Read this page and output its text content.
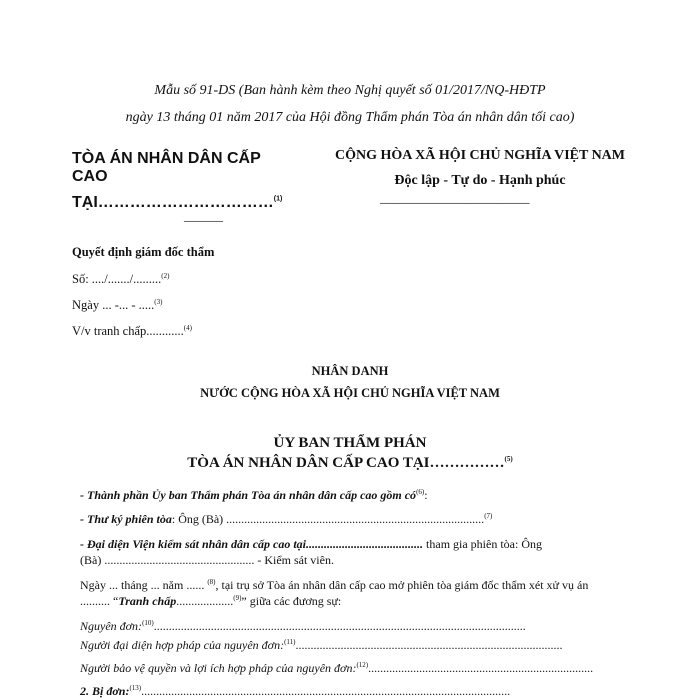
Mẫu số 91-DS (Ban hành kèm theo Nghị quyết số 01/2017/NQ-HĐTP
ngày 13 tháng 01 năm 2017 của Hội đồng Thẩm phán Tòa án nhân dân tối cao)
TÒA ÁN NHÂN DÂN CẤP
CAO
TẠI……………………………$^{(1)}$
______
CỘNG HÒA XÃ HỘI CHỦ NGHĨA VIỆT NAM
Độc lập - Tự do - Hạnh phúc
_______________________
Quyết định giám đốc thẩm
Số: ..../......./.........$^{(2)}$
Ngày ... -... - .....$^{(3)}$
V/v tranh chấp............$^{(4)}$
NHÂN DANH
NƯỚC CỘNG HÒA XÃ HỘI CHỦ NGHĨA VIỆT NAM
ỦY BAN THẨM PHÁN
TÒA ÁN NHÂN DÂN CẤP CAO TẠI……………$^{(5)}$
- Thành phần Ủy ban Thẩm phán Tòa án nhân dân cấp cao gồm $có^{(6)}$:
- Thư ký phiên tòa: Ông (Bà) ......................................................................................$^{(7)}$
- Đại diện Viện kiểm sát nhân dân cấp cao tại....................................... tham gia phiên tòa: Ông
(Bà) .................................................. - Kiểm sát viên.
Ngày ... tháng ... năm ...... $^{(8)}$, tại trụ sở Tòa án nhân dân cấp cao mở phiên tòa giám đốc thẩm xét xử vụ án
.......... “Tranh chấp...................$^{(9)}$” giữa các đương sự:
Nguyên đơn:$^{(10)}$............................................................................................................................
Người đại diện hợp pháp của nguyên đơn:$^{(11)}$.........................................................................................
Người bảo vệ quyền và lợi ích hợp pháp của nguyên đơn:$^{(12)}$...........................................................................
2. Bị đơn:$^{(13)}$...........................................................................................................................
